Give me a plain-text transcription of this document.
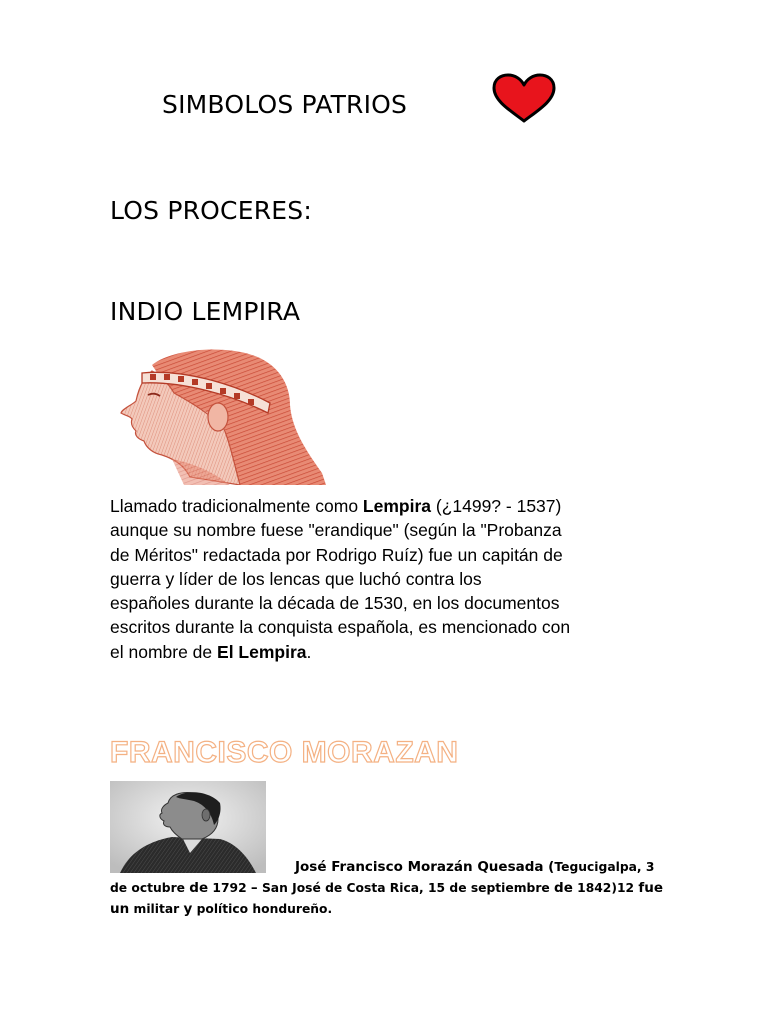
SIMBOLOS PATRIOS
LOS PROCERES:
INDIO LEMPIRA
Llamado tradicionalmente como Lempira (¿1499? - 1537)
aunque su nombre fuese "erandique" (según la "Probanza
de Méritos" redactada por Rodrigo Ruíz) fue un capitán de
guerra y líder de los lencas que luchó contra los
españoles durante la década de 1530, en los documentos
escritos durante la conquista española, es mencionado con
el nombre de El Lempira.
FRANCISCO MORAZAN
José Francisco Morazán Quesada (Tegucigalpa, 3
de octubre de 1792 – San José de Costa Rica, 15 de septiembre de 1842)12 fue
un militar y político hondureño.
